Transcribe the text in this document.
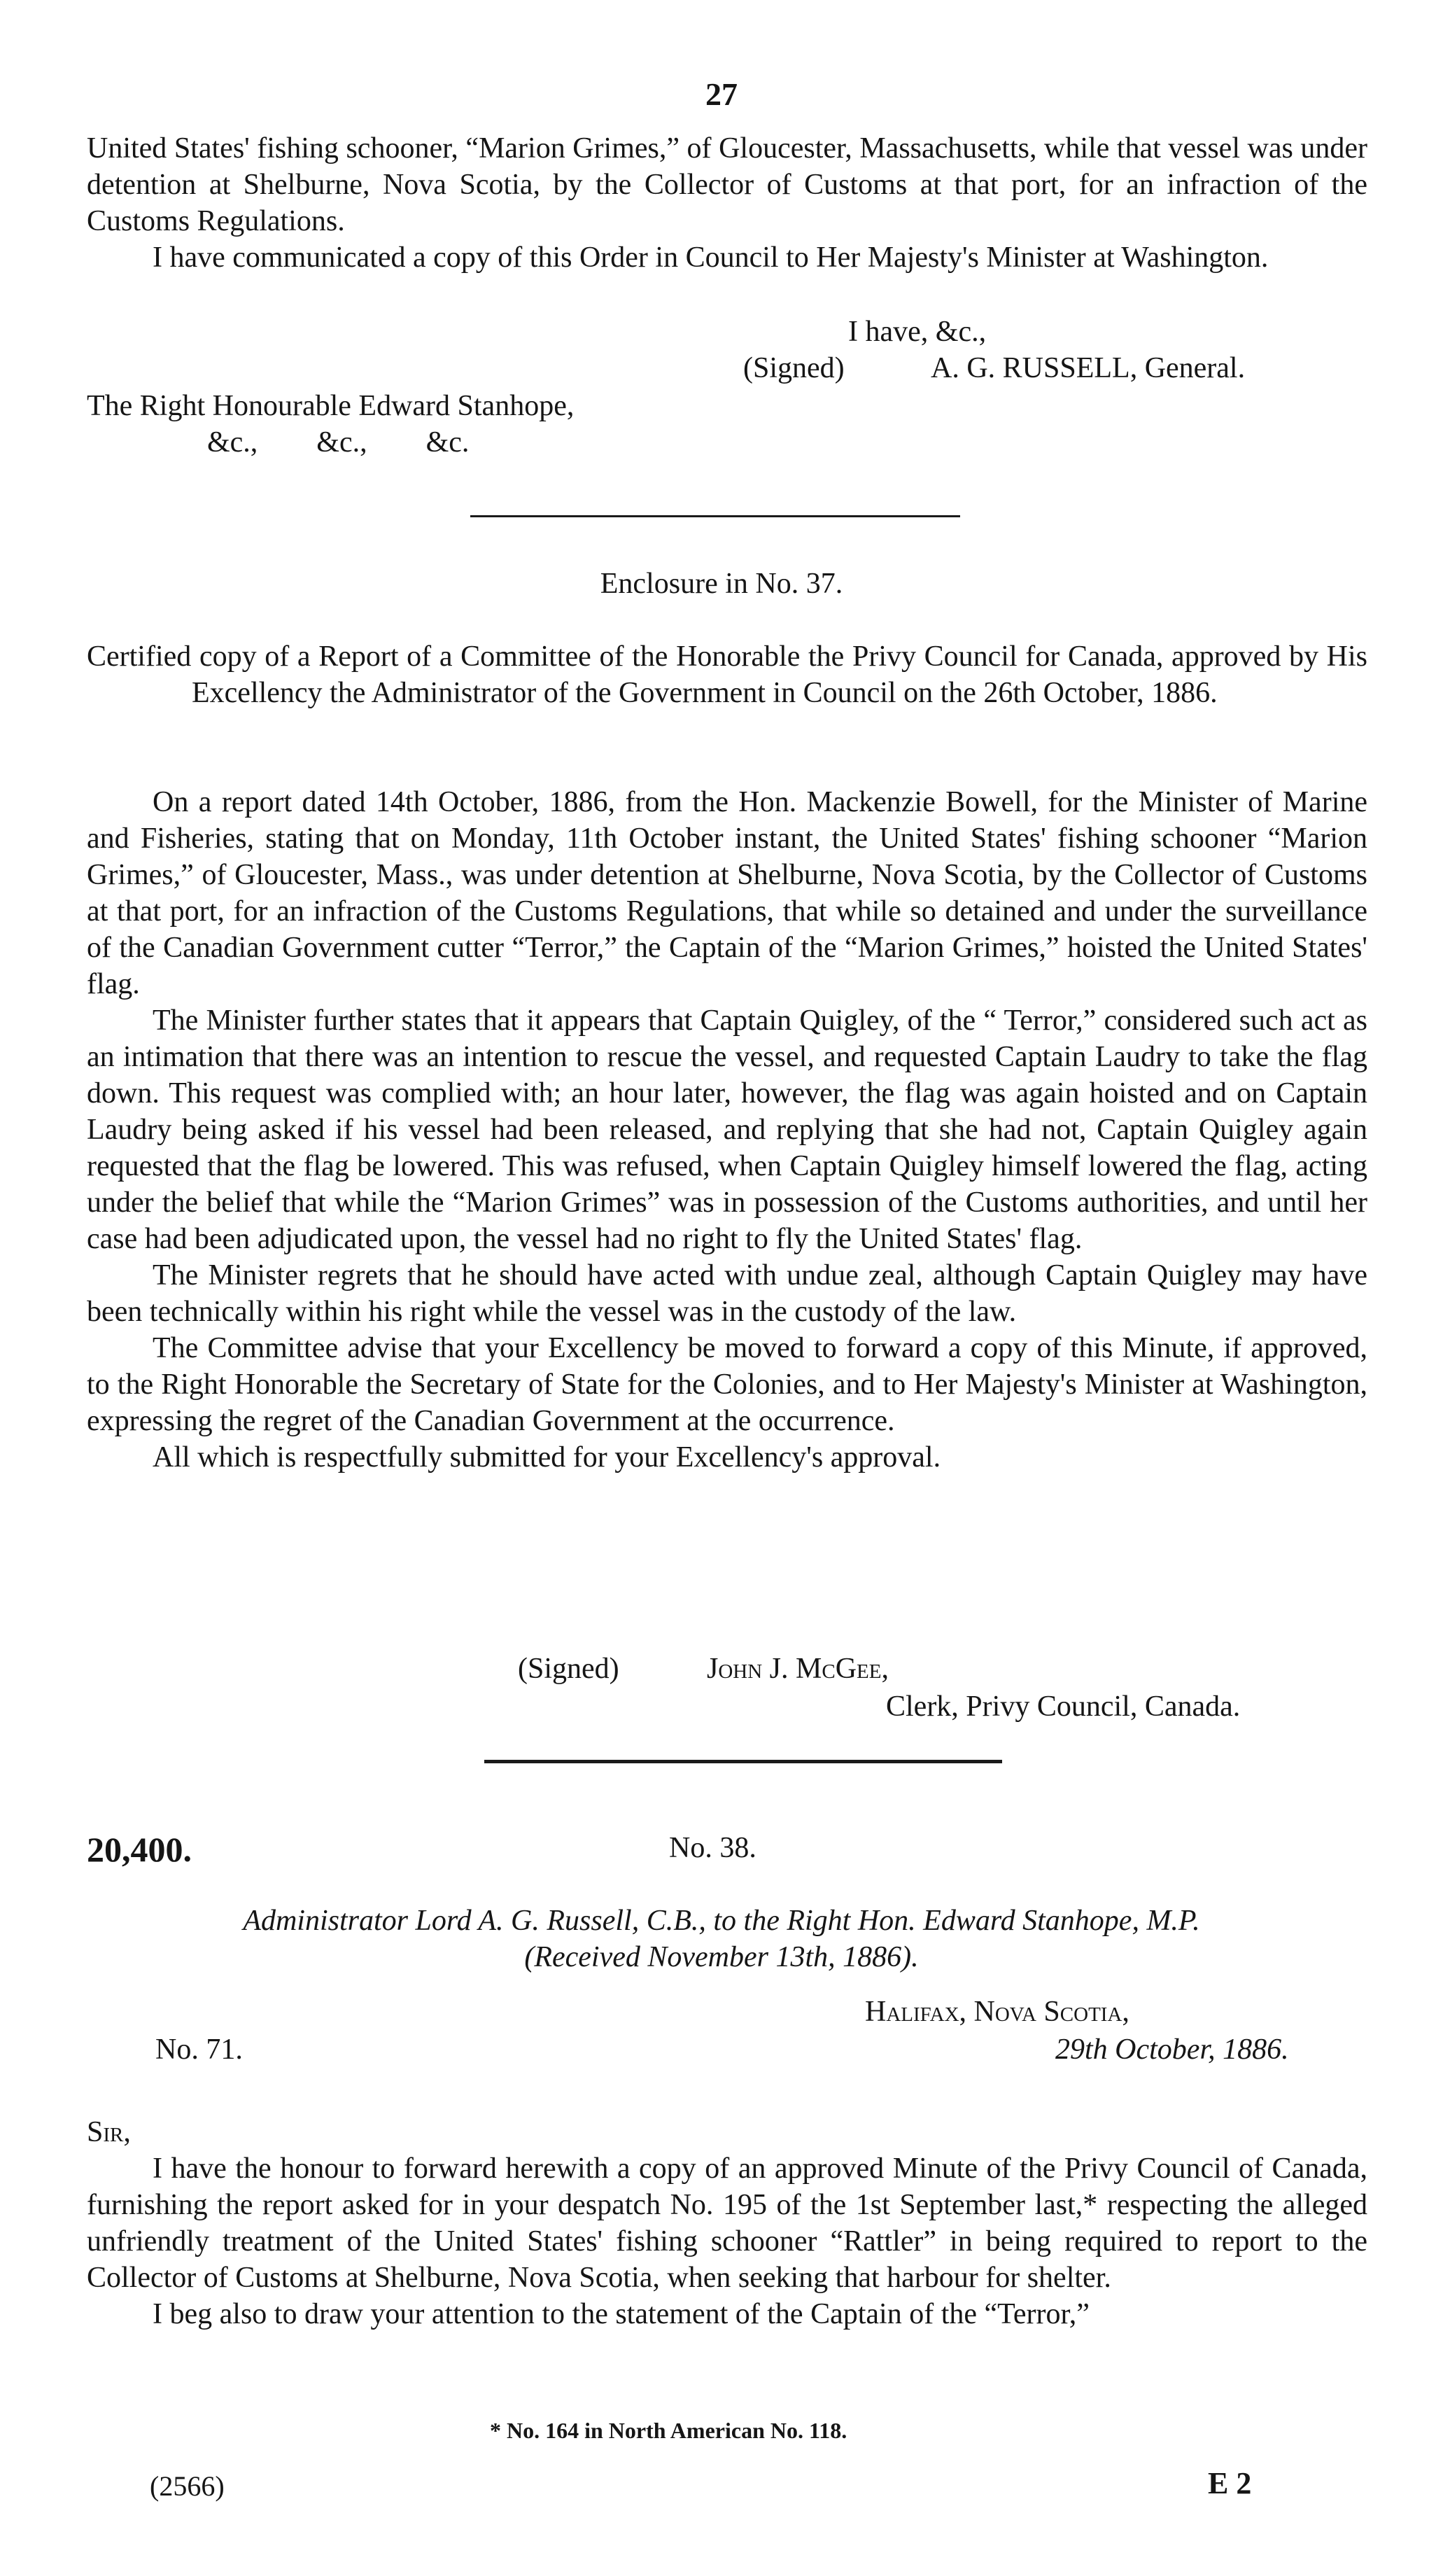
27

United States' fishing schooner, “Marion Grimes,” of Gloucester, Massachusetts, while that vessel was under detention at Shelburne, Nova Scotia, by the Collector of Customs at that port, for an infraction of the Customs Regulations.

I have communicated a copy of this Order in Council to Her Majesty's Minister at Washington.

I have, &c.,
(Signed)	A. G. RUSSELL, General.
The Right Honourable Edward Stanhope,
&c.,        &c.,        &c.
Enclosure in No. 37.

Certified copy of a Report of a Committee of the Honorable the Privy Council for Canada, approved by His Excellency the Administrator of the Government in Council on the 26th October, 1886.

On a report dated 14th October, 1886, from the Hon. Mackenzie Bowell, for the Minister of Marine and Fisheries, stating that on Monday, 11th October instant, the United States' fishing schooner “Marion Grimes,” of Gloucester, Mass., was under detention at Shelburne, Nova Scotia, by the Collector of Customs at that port, for an infraction of the Customs Regulations, that while so detained and under the surveillance of the Canadian Government cutter “Terror,” the Captain of the “Marion Grimes,” hoisted the United States' flag.

The Minister further states that it appears that Captain Quigley, of the “ Terror,” considered such act as an intimation that there was an intention to rescue the vessel, and requested Captain Laudry to take the flag down. This request was complied with; an hour later, however, the flag was again hoisted and on Captain Laudry being asked if his vessel had been released, and replying that she had not, Captain Quigley again requested that the flag be lowered. This was refused, when Captain Quigley himself lowered the flag, acting under the belief that while the “Marion Grimes” was in possession of the Customs authorities, and until her case had been adjudicated upon, the vessel had no right to fly the United States' flag.

The Minister regrets that he should have acted with undue zeal, although Captain Quigley may have been technically within his right while the vessel was in the custody of the law.

The Committee advise that your Excellency be moved to forward a copy of this Minute, if approved, to the Right Honorable the Secretary of State for the Colonies, and to Her Majesty's Minister at Washington, expressing the regret of the Canadian Government at the occurrence.

All which is respectfully submitted for your Excellency's approval.

(Signed)	John J. McGee,
Clerk, Privy Council, Canada.
20,400.	No. 38.
Administrator Lord A. G. Russell, C.B., to the Right Hon. Edward Stanhope, M.P.
(Received November 13th, 1886).
Halifax, Nova Scotia,
No. 71.	29th October, 1886.
Sir,

I have the honour to forward herewith a copy of an approved Minute of the Privy Council of Canada, furnishing the report asked for in your despatch No. 195 of the 1st September last,* respecting the alleged unfriendly treatment of the United States' fishing schooner “Rattler” in being required to report to the Collector of Customs at Shelburne, Nova Scotia, when seeking that harbour for shelter.

I beg also to draw your attention to the statement of the Captain of the “Terror,”

* No. 164 in North American No. 118.
(2566)	E 2
